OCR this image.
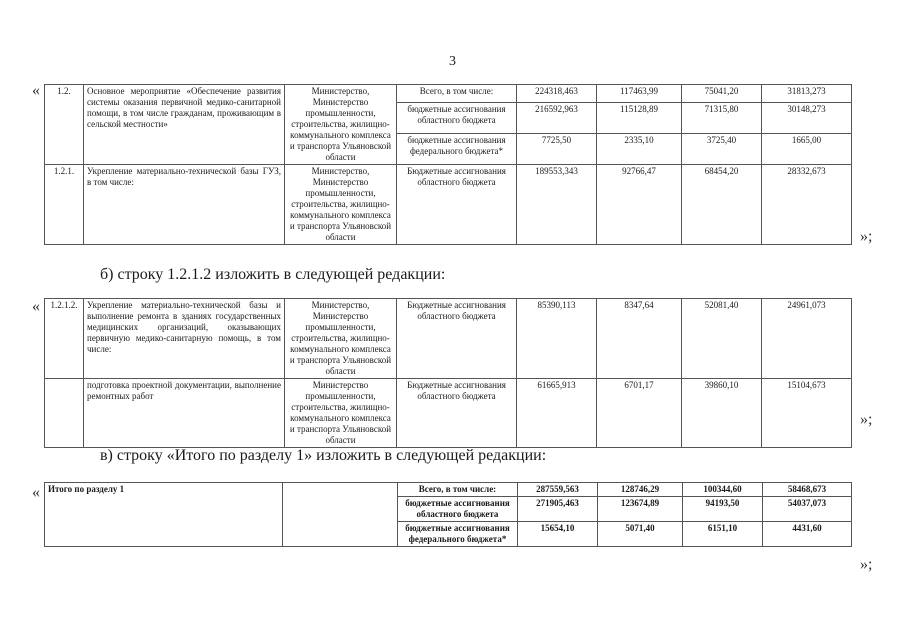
3
« 1.2.	Основное мероприятие «Обеспечение развития системы оказания первичной медико-санитарной помощи, в том числе гражданам, проживающим в сельской местности»	Министерство, Министерство промышленности, строительства, жилищно-коммунального комплекса и транспорта Ульяновской области	Всего, в том числе:	224318,463	117463,99	75041,20	31813,273
			бюджетные ассигнования областного бюджета	216592,963	115128,89	71315,80	30148,273
			бюджетные ассигнования федерального бюджета*	7725,50	2335,10	3725,40	1665,00
1.2.1.	Укрепление материально-технической базы ГУЗ, в том числе:	Министерство, Министерство промышленности, строительства, жилищно-коммунального комплекса и транспорта Ульяновской области	Бюджетные ассигнования областного бюджета	189553,343	92766,47	68454,20	28332,673
»;
б) строку 1.2.1.2 изложить в следующей редакции:
« 1.2.1.2.	Укрепление материально-технической базы и выполнение ремонта в зданиях государственных медицинских организаций, оказывающих первичную медико-санитарную помощь, в том числе:	Министерство, Министерство промышленности, строительства, жилищно-коммунального комплекса и транспорта Ульяновской области	Бюджетные ассигнования областного бюджета	85390,113	8347,64	52081,40	24961,073
	подготовка проектной документации, выполнение ремонтных работ	Министерство промышленности, строительства, жилищно-коммунального комплекса и транспорта Ульяновской области	Бюджетные ассигнования областного бюджета	61665,913	6701,17	39860,10	15104,673
»;
в) строку «Итого по разделу 1» изложить в следующей редакции:
« Итого по разделу 1		Всего, в том числе:	287559,563	128746,29	100344,60	58468,673
		бюджетные ассигнования областного бюджета	271905,463	123674,89	94193,50	54037,073
		бюджетные ассигнования федерального бюджета*	15654,10	5071,40	6151,10	4431,60
»;
